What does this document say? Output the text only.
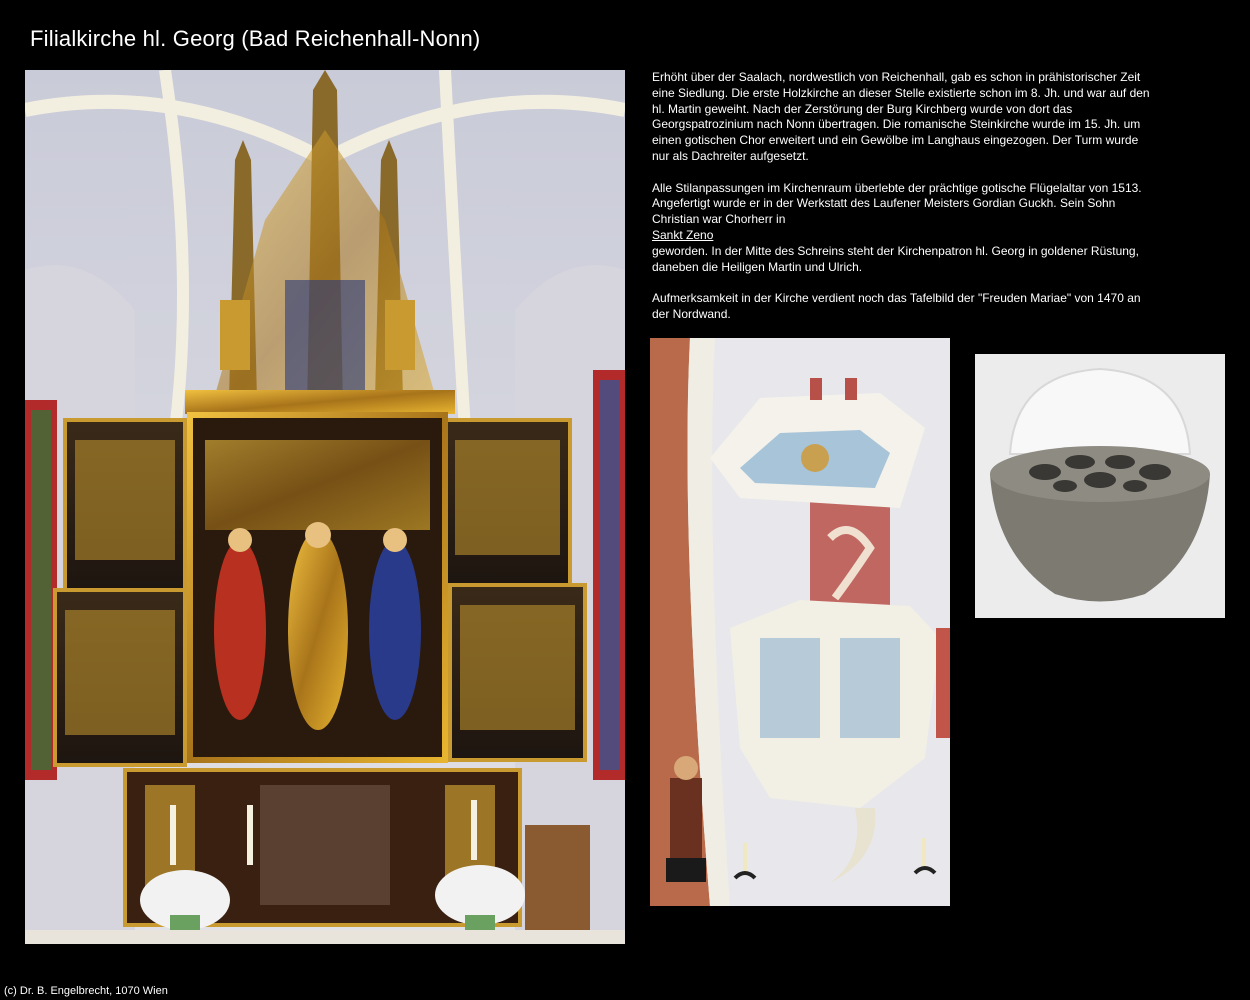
Filialkirche hl. Georg (Bad Reichenhall-Nonn)

Erhöht über der Saalach, nordwestlich von Reichenhall, gab es schon in prähistorischer Zeit eine Siedlung. Die erste Holzkirche an dieser Stelle existierte schon im 8. Jh. und war auf den hl. Martin geweiht. Nach der Zerstörung der Burg Kirchberg wurde von dort das Georgspatrozinium nach Nonn übertragen. Die romanische Steinkirche wurde im 15. Jh. um einen gotischen Chor erweitert und ein Gewölbe im Langhaus eingezogen. Der Turm wurde nur als Dachreiter aufgesetzt.

Alle Stilanpassungen im Kirchenraum überlebte der prächtige gotische Flügelaltar von 1513. Angefertigt wurde er in der Werkstatt des Laufener Meisters Gordian Guckh. Sein Sohn Christian war Chorherr in
Sankt Zeno
geworden. In der Mitte des Schreins steht der Kirchenpatron hl. Georg in goldener Rüstung, daneben die Heiligen Martin und Ulrich.

Aufmerksamkeit in der Kirche verdient noch das Tafelbild der "Freuden Mariae" von 1470 an der Nordwand.

(c) Dr. B. Engelbrecht, 1070 Wien
